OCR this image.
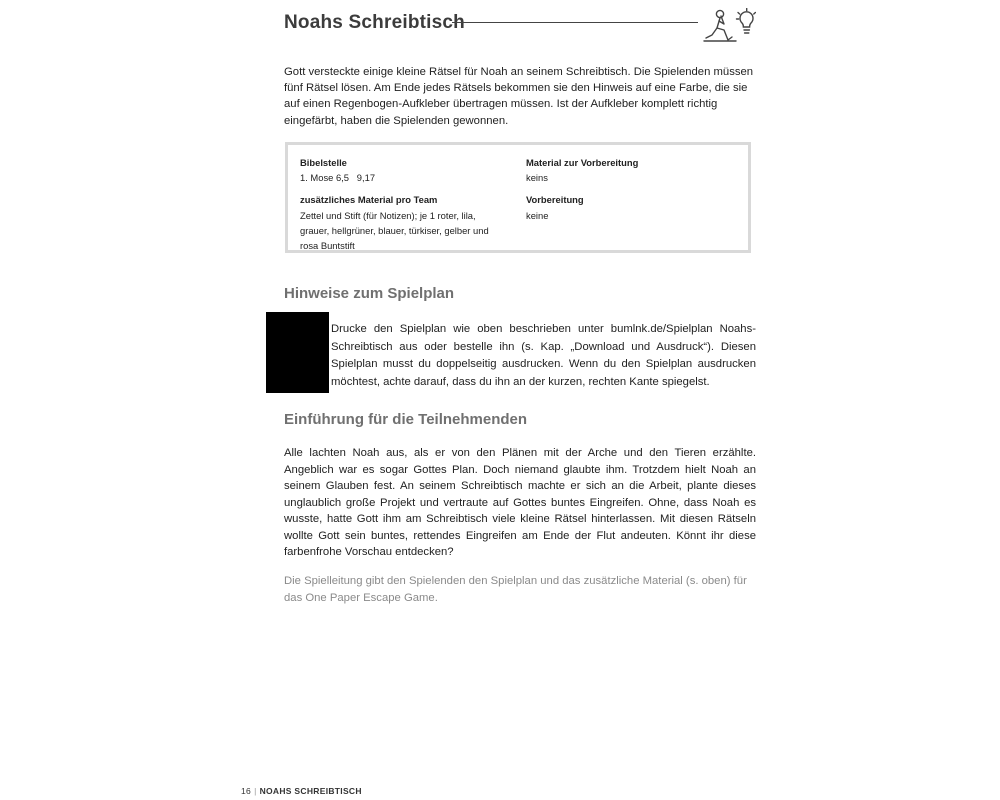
Noahs Schreibtisch
Gott versteckte einige kleine Rätsel für Noah an seinem Schreibtisch. Die Spielenden müssen fünf Rätsel lösen. Am Ende jedes Rätsels bekommen sie den Hinweis auf eine Farbe, die sie auf einen Regenbogen-Aufkleber übertragen müssen. Ist der Aufkleber komplett richtig eingefärbt, haben die Spielenden gewonnen.
Bibelstelle
1. Mose 6,5   9,17
zusätzliches Material pro Team
Zettel und Stift (für Notizen); je 1 roter, lila, grauer, hellgrüner, blauer, türkiser, gelber und rosa Buntstift
Material zur Vorbereitung
keins
Vorbereitung
keine
Hinweise zum Spielplan
Drucke den Spielplan wie oben beschrieben unter bumlnk.de/Spielplan Noahs-Schreibtisch aus oder bestelle ihn (s. Kap. „Download und Ausdruck“). Diesen Spielplan musst du doppelseitig ausdrucken. Wenn du den Spielplan ausdrucken möchtest, achte darauf, dass du ihn an der kurzen, rechten Kante spiegelst.
Einführung für die Teilnehmenden
Alle lachten Noah aus, als er von den Plänen mit der Arche und den Tieren erzählte. Angeblich war es sogar Gottes Plan. Doch niemand glaubte ihm. Trotzdem hielt Noah an seinem Glauben fest. An seinem Schreibtisch machte er sich an die Arbeit, plante dieses unglaublich große Projekt und vertraute auf Gottes buntes Eingreifen. Ohne, dass Noah es wusste, hatte Gott ihm am Schreibtisch viele kleine Rätsel hinterlassen. Mit diesen Rätseln wollte Gott sein buntes, rettendes Eingreifen am Ende der Flut andeuten. Könnt ihr diese farbenfrohe Vorschau entdecken?
Die Spielleitung gibt den Spielenden den Spielplan und das zusätzliche Material (s. oben) für das One Paper Escape Game.
16 | NOAHS SCHREIBTISCH
